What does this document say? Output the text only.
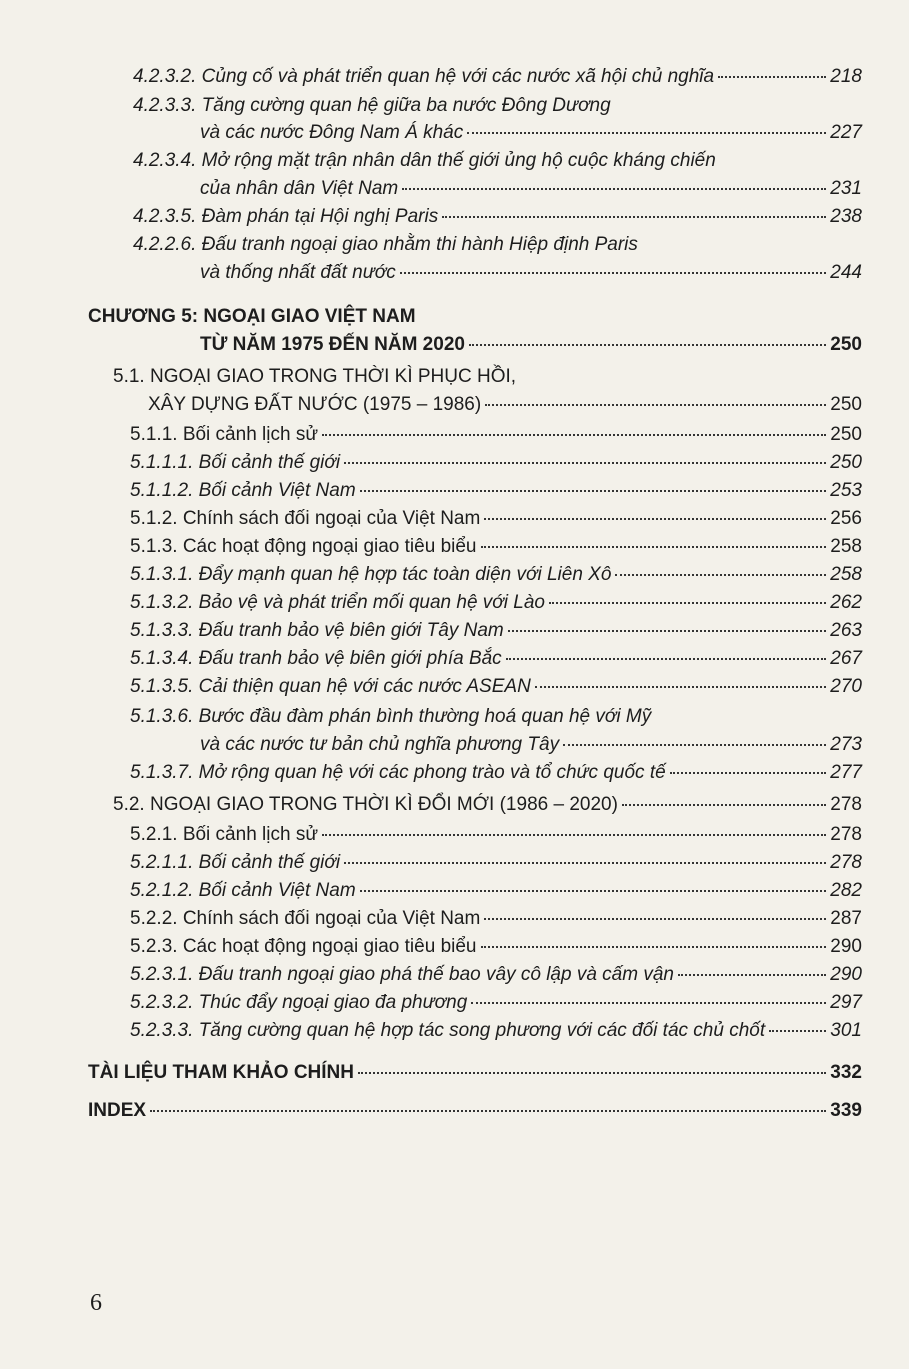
4.2.3.2. Củng cố và phát triển quan hệ với các nước xã hội chủ nghĩa	218
4.2.3.3. Tăng cường quan hệ giữa ba nước Đông Dương
và các nước Đông Nam Á khác	227
4.2.3.4. Mở rộng mặt trận nhân dân thế giới ủng hộ cuộc kháng chiến
của nhân dân Việt Nam	231
4.2.3.5. Đàm phán tại Hội nghị Paris	238
4.2.2.6. Đấu tranh ngoại giao nhằm thi hành Hiệp định Paris
và thống nhất đất nước	244
CHƯƠNG 5: NGOẠI GIAO VIỆT NAM
TỪ NĂM 1975 ĐẾN NĂM 2020	250
5.1. NGOẠI GIAO TRONG THỜI KÌ PHỤC HỒI,
XÂY DỰNG ĐẤT NƯỚC (1975 – 1986)	250
5.1.1. Bối cảnh lịch sử	250
5.1.1.1. Bối cảnh thế giới	250
5.1.1.2. Bối cảnh Việt Nam	253
5.1.2. Chính sách đối ngoại của Việt Nam	256
5.1.3. Các hoạt động ngoại giao tiêu biểu	258
5.1.3.1. Đẩy mạnh quan hệ hợp tác toàn diện với Liên Xô	258
5.1.3.2. Bảo vệ và phát triển mối quan hệ với Lào	262
5.1.3.3. Đấu tranh bảo vệ biên giới Tây Nam	263
5.1.3.4. Đấu tranh bảo vệ biên giới phía Bắc	267
5.1.3.5. Cải thiện quan hệ với các nước ASEAN	270
5.1.3.6. Bước đầu đàm phán bình thường hoá quan hệ với Mỹ
và các nước tư bản chủ nghĩa phương Tây	273
5.1.3.7. Mở rộng quan hệ với các phong trào và tổ chức quốc tế	277
5.2. NGOẠI GIAO TRONG THỜI KÌ ĐỔI MỚI (1986 – 2020)	278
5.2.1. Bối cảnh lịch sử	278
5.2.1.1. Bối cảnh thế giới	278
5.2.1.2. Bối cảnh Việt Nam	282
5.2.2. Chính sách đối ngoại của Việt Nam	287
5.2.3. Các hoạt động ngoại giao tiêu biểu	290
5.2.3.1. Đấu tranh ngoại giao phá thế bao vây cô lập và cấm vận	290
5.2.3.2. Thúc đẩy ngoại giao đa phương	297
5.2.3.3. Tăng cường quan hệ hợp tác song phương với các đối tác chủ chốt	301
TÀI LIỆU THAM KHẢO CHÍNH	332
INDEX	339
6
